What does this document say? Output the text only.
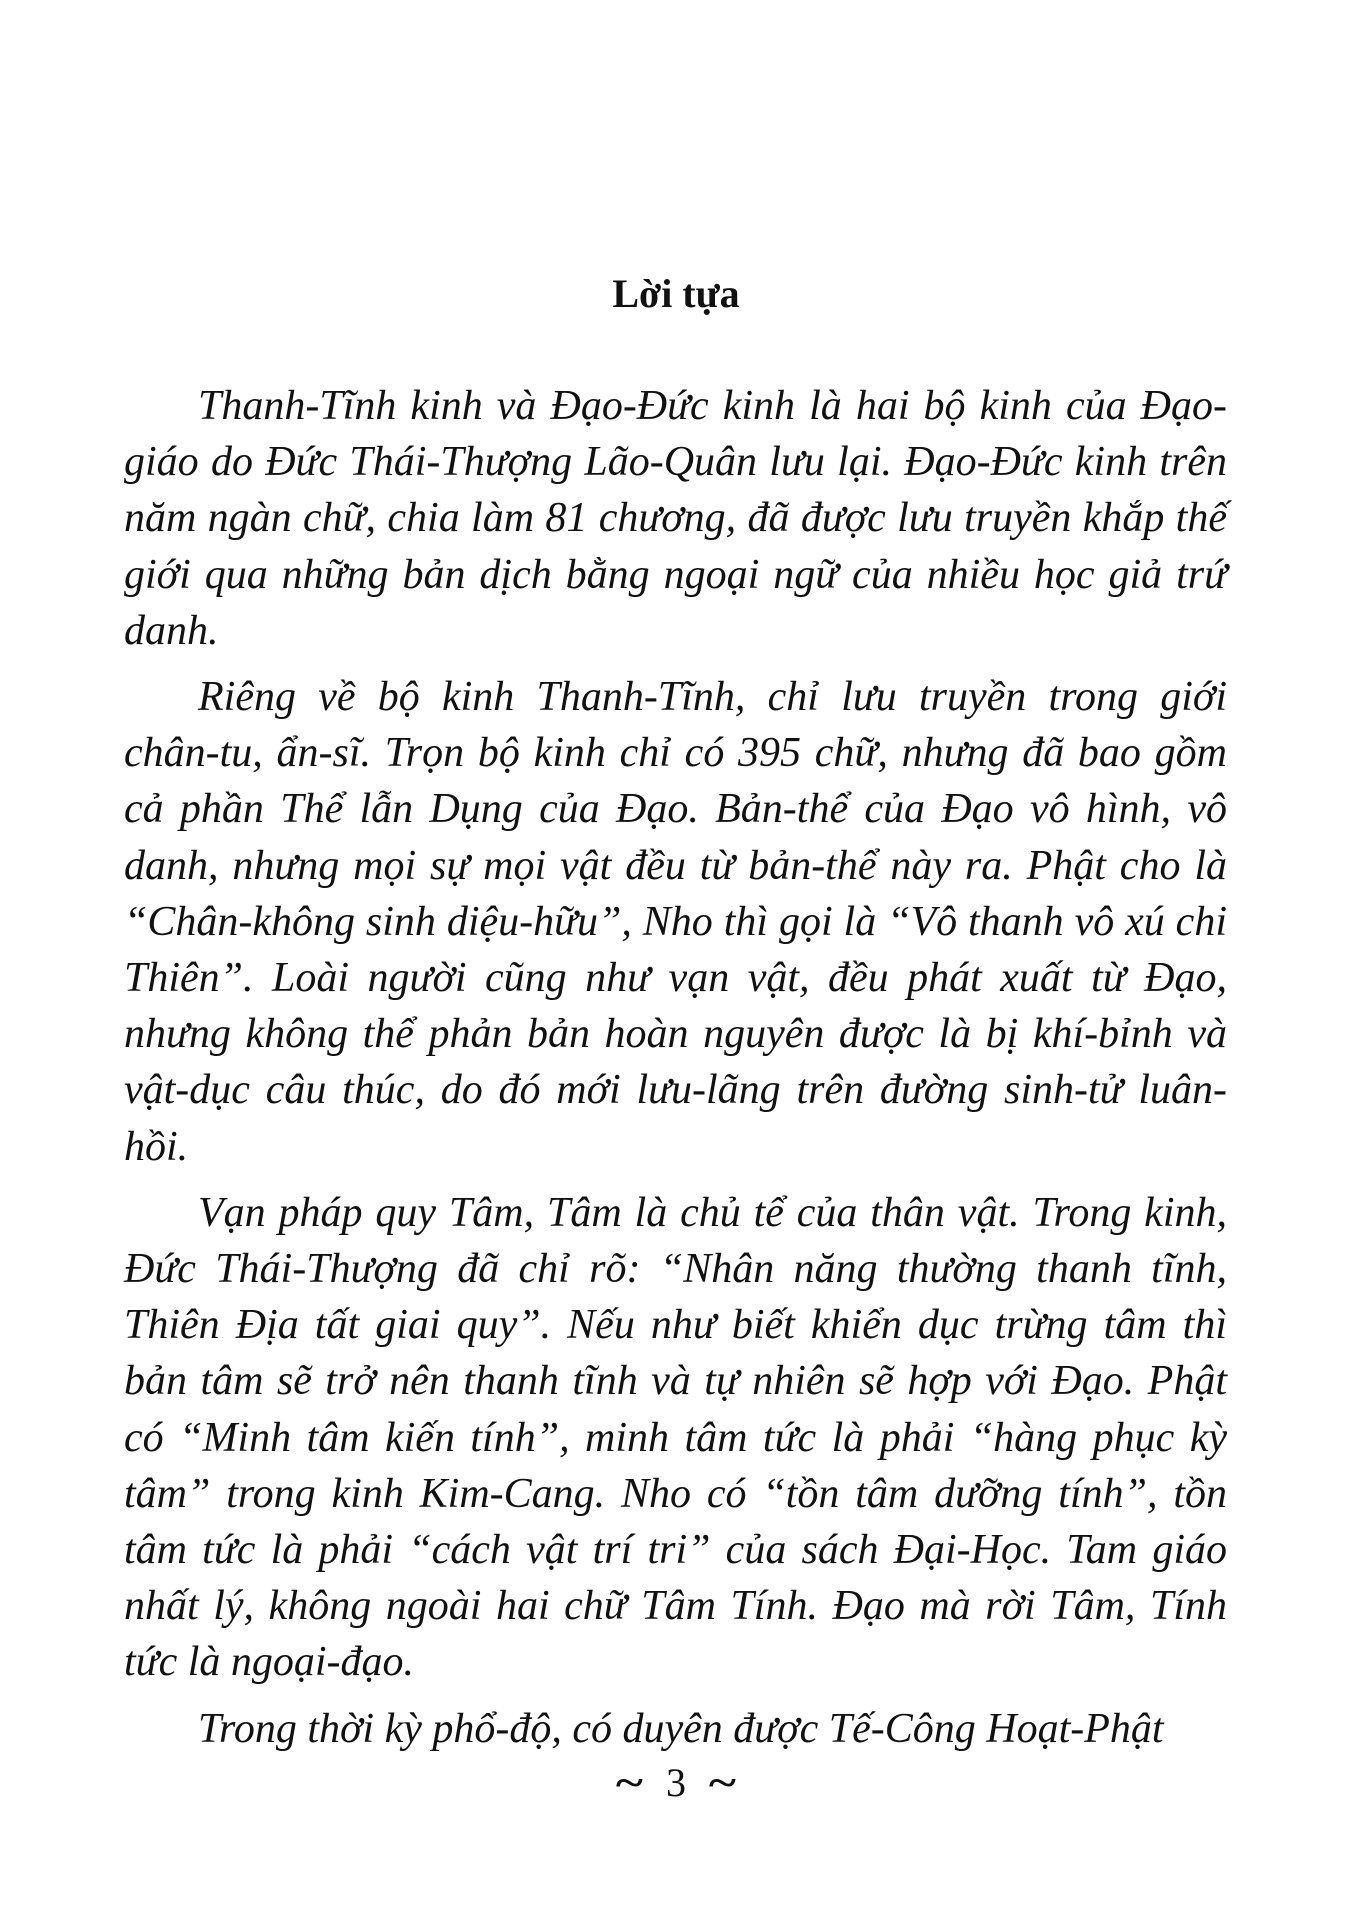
Lời tựa

Thanh-Tĩnh kinh và Đạo-Đức kinh là hai bộ kinh của Đạo-giáo do Đức Thái-Thượng Lão-Quân lưu lại. Đạo-Đức kinh trên năm ngàn chữ, chia làm 81 chương, đã được lưu truyền khắp thế giới qua những bản dịch bằng ngoại ngữ của nhiều học giả trứ danh.

Riêng về bộ kinh Thanh-Tĩnh, chỉ lưu truyền trong giới chân-tu, ẩn-sĩ. Trọn bộ kinh chỉ có 395 chữ, nhưng đã bao gồm cả phần Thể lẫn Dụng của Đạo. Bản-thể của Đạo vô hình, vô danh, nhưng mọi sự mọi vật đều từ bản-thể này ra. Phật cho là “Chân-không sinh diệu-hữu”, Nho thì gọi là “Vô thanh vô xú chi Thiên”. Loài người cũng như vạn vật, đều phát xuất từ Đạo, nhưng không thể phản bản hoàn nguyên được là bị khí-bỉnh và vật-dục câu thúc, do đó mới lưu-lãng trên đường sinh-tử luân-hồi.

Vạn pháp quy Tâm, Tâm là chủ tể của thân vật. Trong kinh, Đức Thái-Thượng đã chỉ rõ: “Nhân năng thường thanh tĩnh, Thiên Địa tất giai quy”. Nếu như biết khiển dục trừng tâm thì bản tâm sẽ trở nên thanh tĩnh và tự nhiên sẽ hợp với Đạo. Phật có “Minh tâm kiến tính”, minh tâm tức là phải “hàng phục kỳ tâm” trong kinh Kim-Cang. Nho có “tồn tâm dưỡng tính”, tồn tâm tức là phải “cách vật trí tri” của sách Đại-Học. Tam giáo nhất lý, không ngoài hai chữ Tâm Tính. Đạo mà rời Tâm, Tính tức là ngoại-đạo.

Trong thời kỳ phổ-độ, có duyên được Tế-Công Hoạt-Phật

~ 3 ~
